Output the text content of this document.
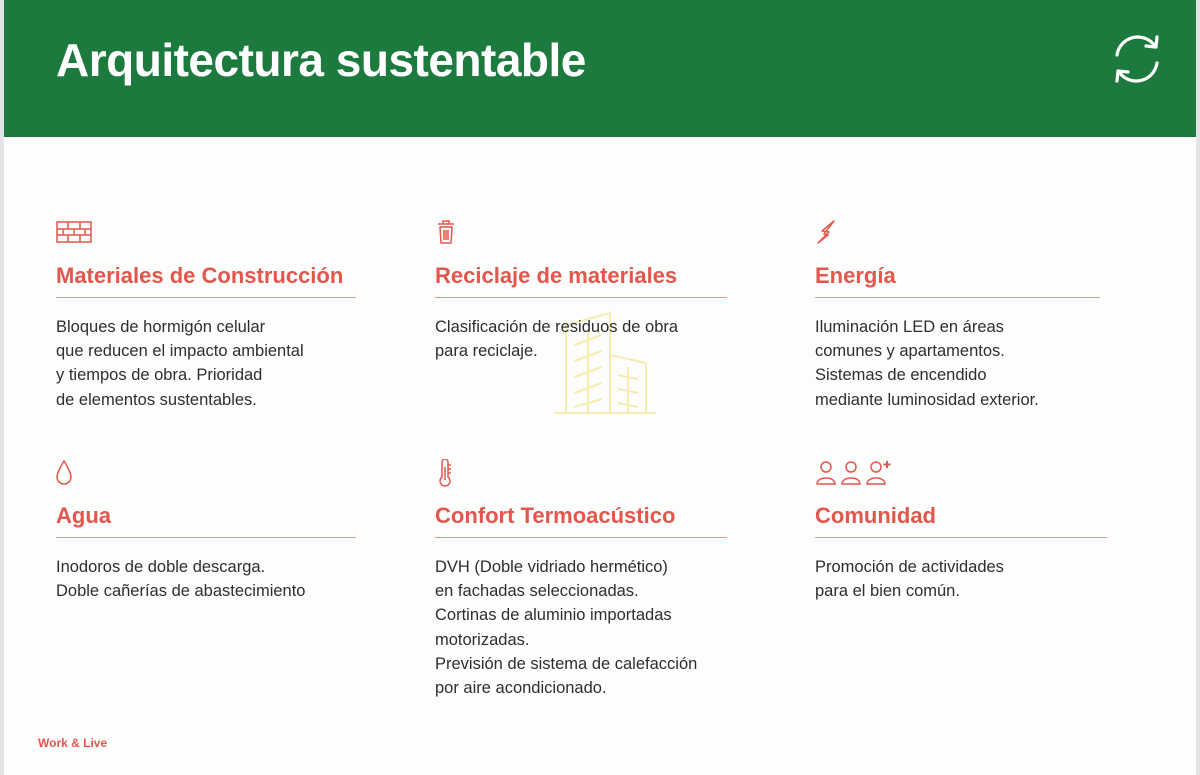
Arquitectura sustentable
Materiales de Construcción
Bloques de hormigón celular
que reducen el impacto ambiental
y tiempos de obra. Prioridad
de elementos sustentables.
Reciclaje de materiales
Clasificación de residuos de obra
para reciclaje.
Energía
Iluminación LED en áreas
comunes y apartamentos.
Sistemas de encendido
mediante luminosidad exterior.
Agua
Inodoros de doble descarga.
Doble cañerías de abastecimiento
Confort Termoacústico
DVH (Doble vidriado hermético)
en fachadas seleccionadas.
Cortinas de aluminio importadas
motorizadas.
Previsión de sistema de calefacción
por aire acondicionado.
Comunidad
Promoción de actividades
para el bien común.
Work & Live
